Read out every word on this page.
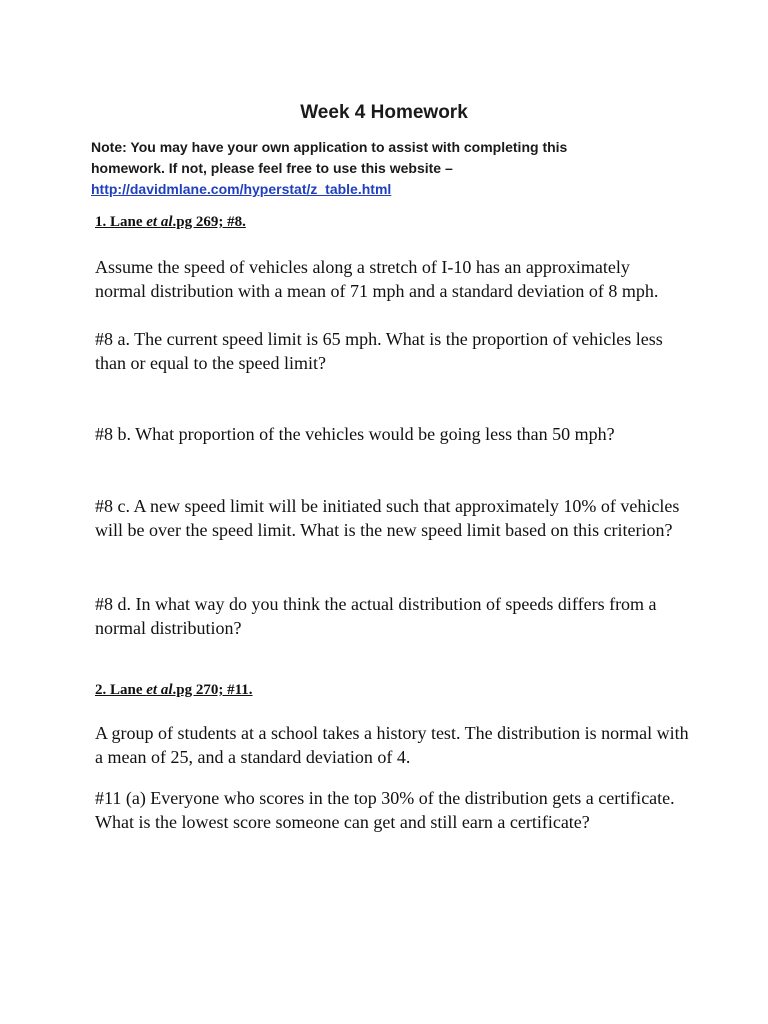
Week 4 Homework
Note: You may have your own application to assist with completing this
homework. If not, please feel free to use this website –
http://davidmlane.com/hyperstat/z_table.html
1. Lane et al.pg 269; #8.
Assume the speed of vehicles along a stretch of I-10 has an approximately
normal distribution with a mean of 71 mph and a standard deviation of 8 mph.
#8 a. The current speed limit is 65 mph. What is the proportion of vehicles less
than or equal to the speed limit?
#8 b. What proportion of the vehicles would be going less than 50 mph?
#8 c. A new speed limit will be initiated such that approximately 10% of vehicles
will be over the speed limit. What is the new speed limit based on this criterion?
#8 d. In what way do you think the actual distribution of speeds differs from a
normal distribution?
2. Lane et al.pg 270; #11.
A group of students at a school takes a history test. The distribution is normal with
a mean of 25, and a standard deviation of 4.
#11 (a) Everyone who scores in the top 30% of the distribution gets a certificate.
What is the lowest score someone can get and still earn a certificate?
